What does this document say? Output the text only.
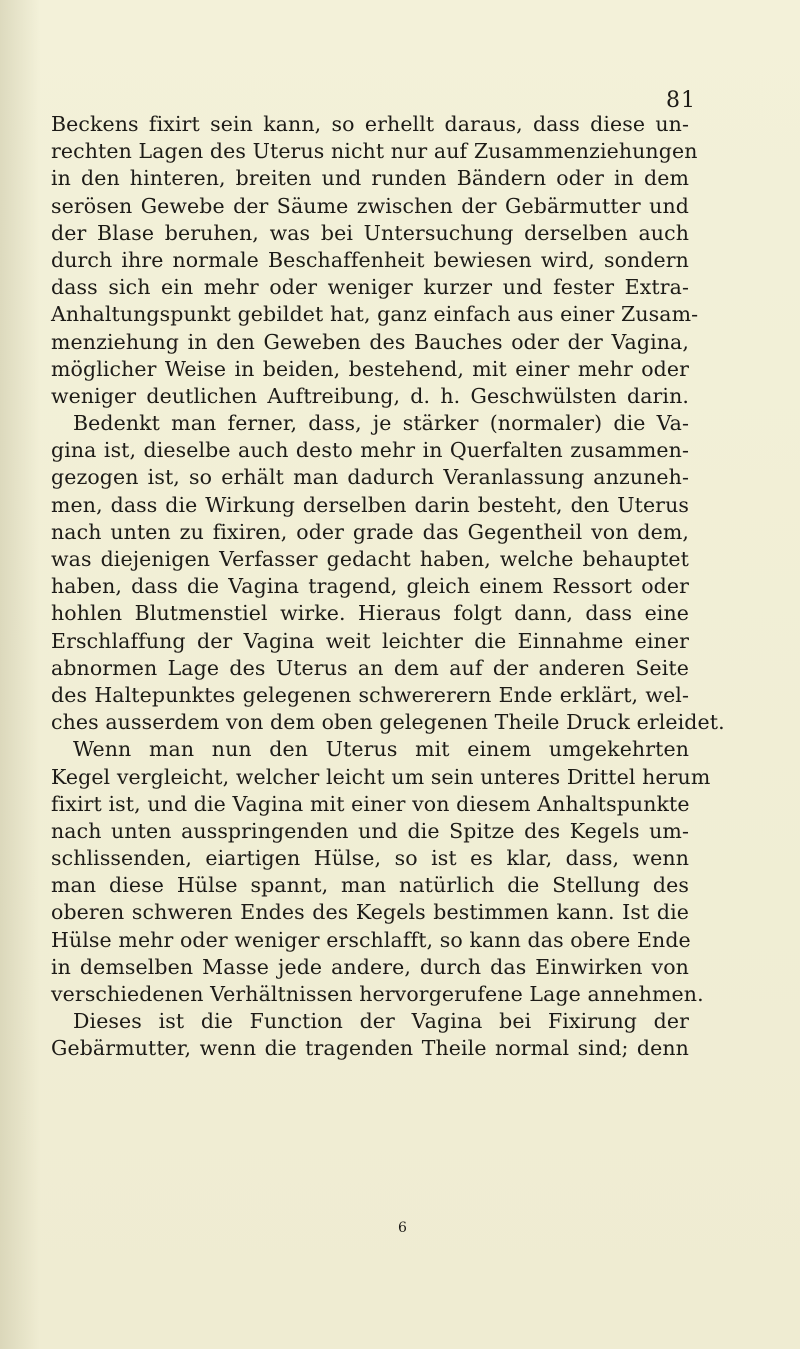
81
Beckens fixirt sein kann, so erhellt daraus, dass diese un-
rechten Lagen des Uterus nicht nur auf Zusammenziehungen
in den hinteren, breiten und runden Bändern oder in dem
serösen Gewebe der Säume zwischen der Gebärmutter und
der Blase beruhen, was bei Untersuchung derselben auch
durch ihre normale Beschaffenheit bewiesen wird, sondern
dass sich ein mehr oder weniger kurzer und fester Extra-
Anhaltungspunkt gebildet hat, ganz einfach aus einer Zusam-
menziehung in den Geweben des Bauches oder der Vagina,
möglicher Weise in beiden, bestehend, mit einer mehr oder
weniger deutlichen Auftreibung, d. h. Geschwülsten darin.
Bedenkt man ferner, dass, je stärker (normaler) die Va-
gina ist, dieselbe auch desto mehr in Querfalten zusammen-
gezogen ist, so erhält man dadurch Veranlassung anzuneh-
men, dass die Wirkung derselben darin besteht, den Uterus
nach unten zu fixiren, oder grade das Gegentheil von dem,
was diejenigen Verfasser gedacht haben, welche behauptet
haben, dass die Vagina tragend, gleich einem Ressort oder
hohlen Blutmenstiel wirke. Hieraus folgt dann, dass eine
Erschlaffung der Vagina weit leichter die Einnahme einer
abnormen Lage des Uterus an dem auf der anderen Seite
des Haltepunktes gelegenen schwererern Ende erklärt, wel-
ches ausserdem von dem oben gelegenen Theile Druck erleidet.
Wenn man nun den Uterus mit einem umgekehrten
Kegel vergleicht, welcher leicht um sein unteres Drittel herum
fixirt ist, und die Vagina mit einer von diesem Anhaltspunkte
nach unten ausspringenden und die Spitze des Kegels um-
schlissenden, eiartigen Hülse, so ist es klar, dass, wenn
man diese Hülse spannt, man natürlich die Stellung des
oberen schweren Endes des Kegels bestimmen kann. Ist die
Hülse mehr oder weniger erschlafft, so kann das obere Ende
in demselben Masse jede andere, durch das Einwirken von
verschiedenen Verhältnissen hervorgerufene Lage annehmen.
Dieses ist die Function der Vagina bei Fixirung der
Gebärmutter, wenn die tragenden Theile normal sind; denn
6
